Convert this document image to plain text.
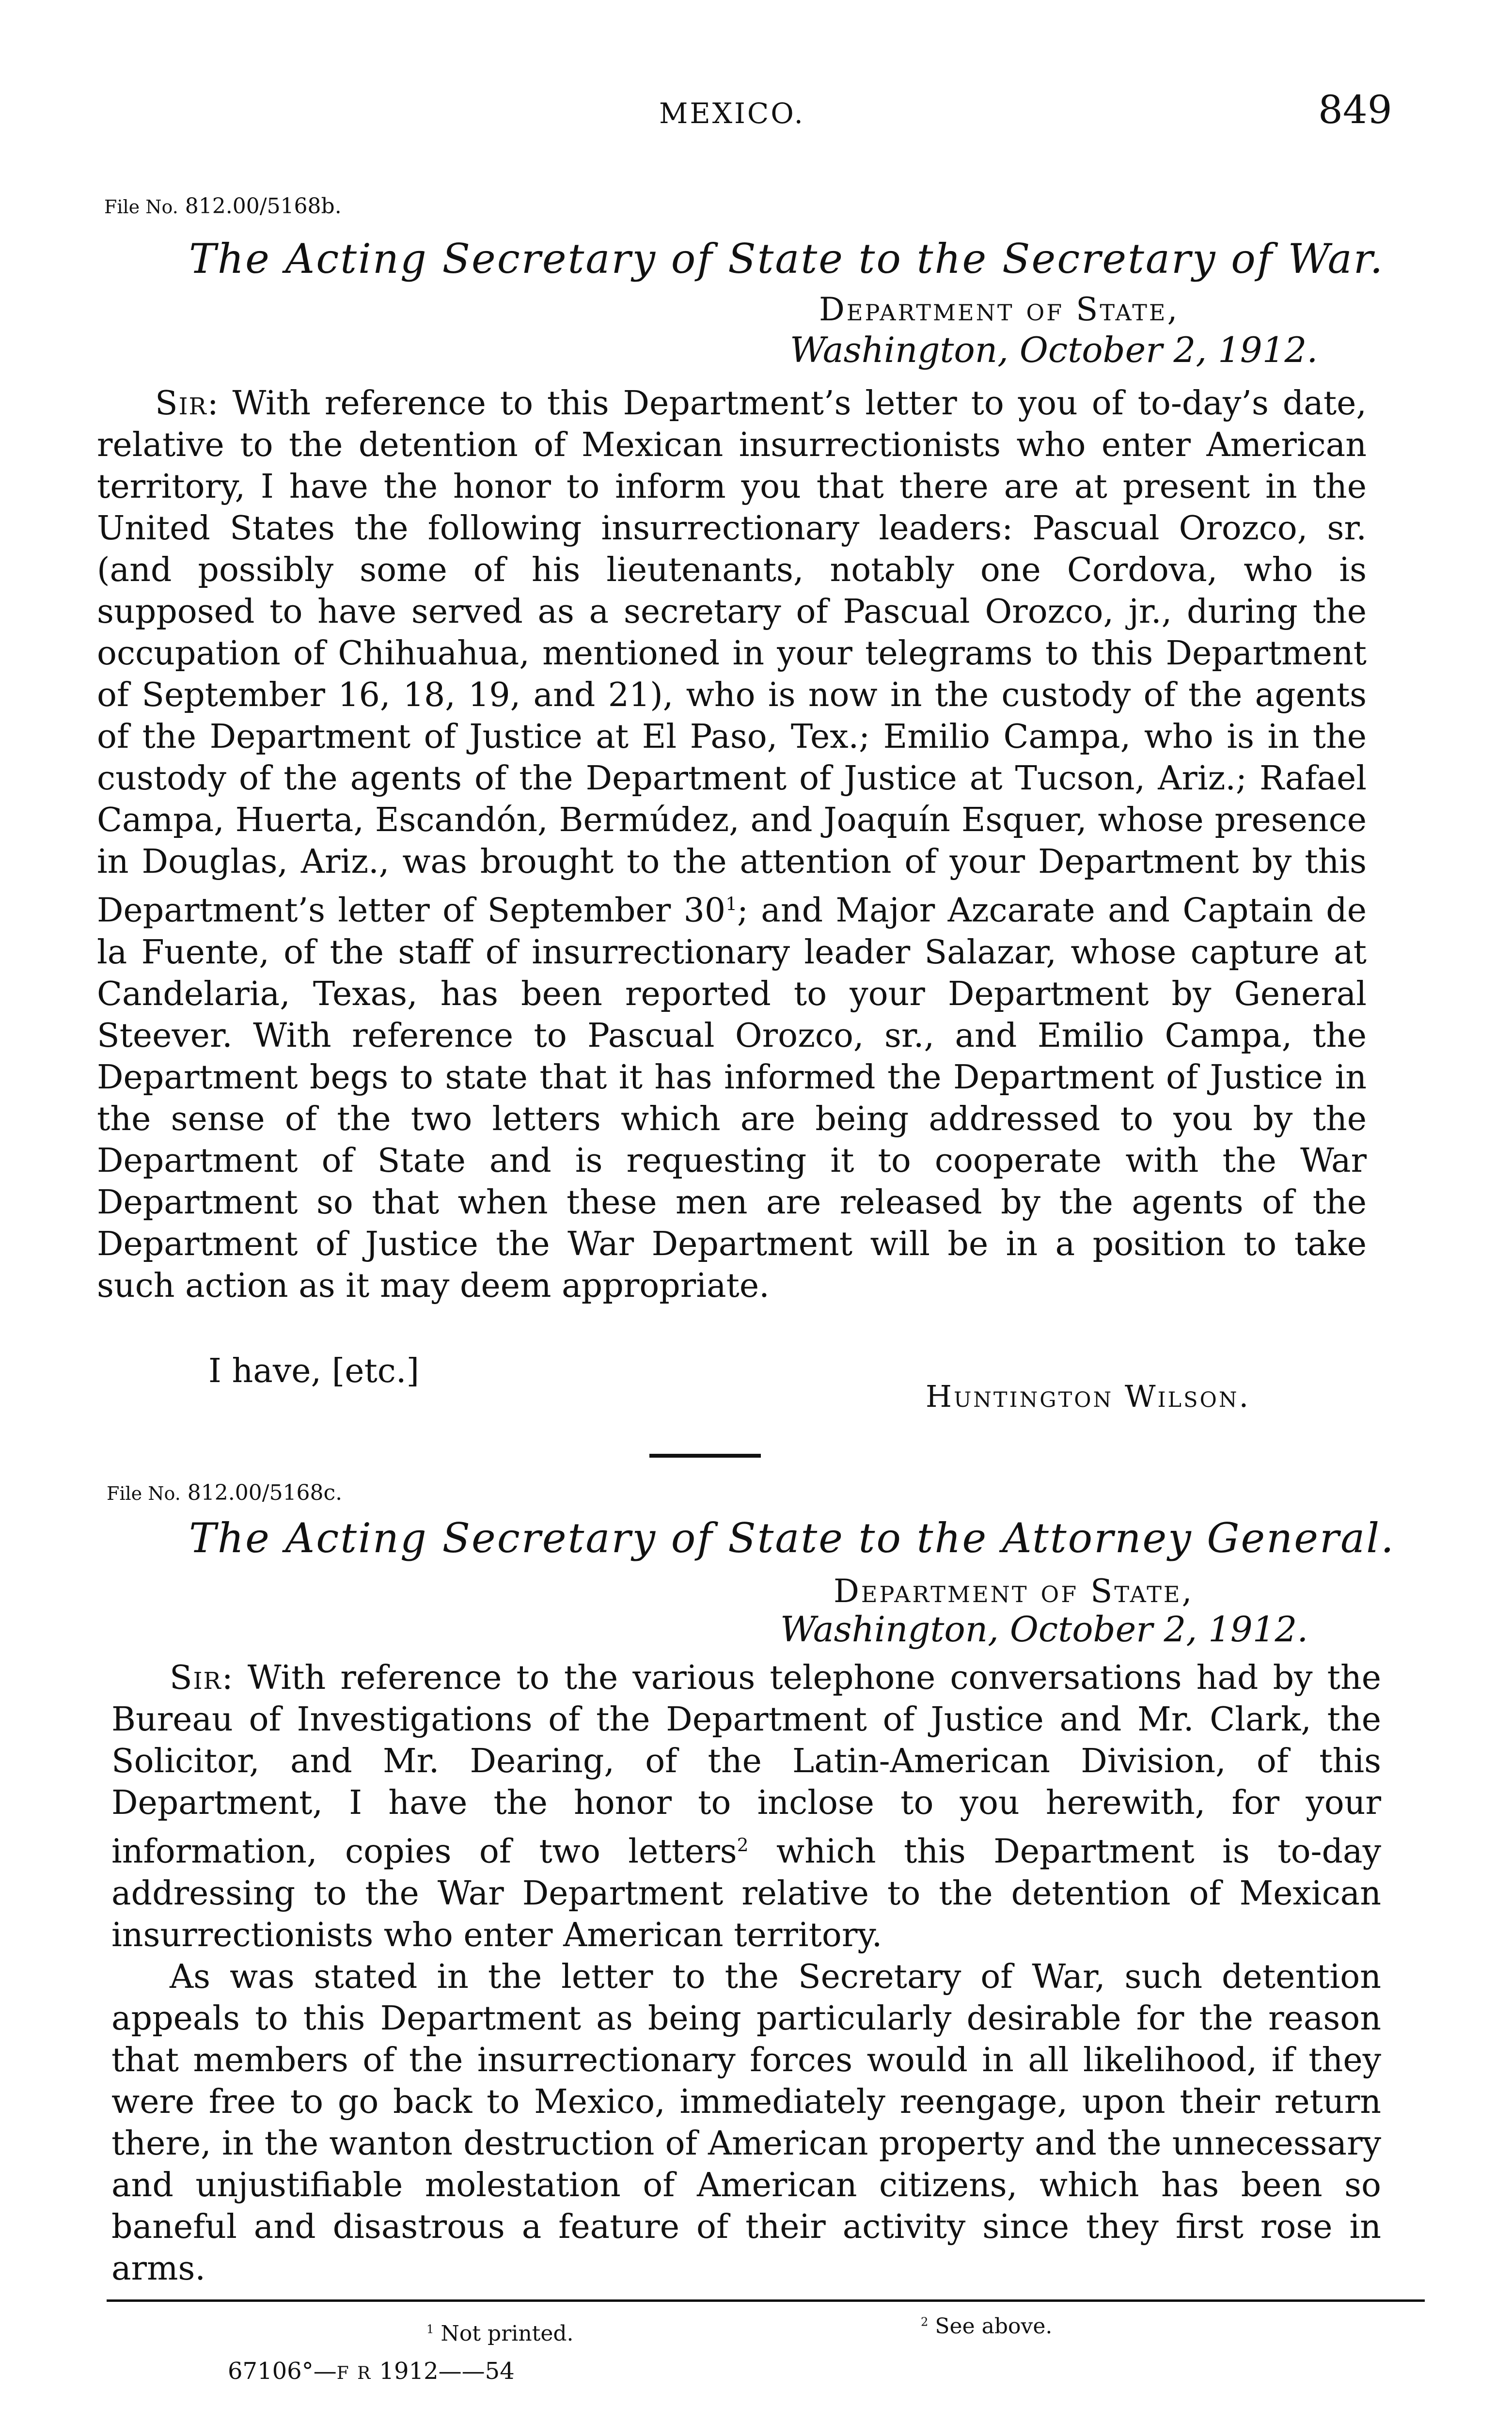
MEXICO.	849
File No. 812.00/5168b.
The Acting Secretary of State to the Secretary of War.
Department of State,
Washington, October 2, 1912.

Sir: With reference to this Department’s letter to you of to-day’s date, relative to the detention of Mexican insurrectionists who enter American territory, I have the honor to inform you that there are at present in the United States the following insurrectionary leaders: Pascual Orozco, sr. (and possibly some of his lieutenants, notably one Cordova, who is supposed to have served as a secretary of Pascual Orozco, jr., during the occupation of Chihuahua, mentioned in your telegrams to this Department of September 16, 18, 19, and 21), who is now in the custody of the agents of the Department of Justice at El Paso, Tex.; Emilio Campa, who is in the custody of the agents of the Department of Justice at Tucson, Ariz.; Rafael Campa, Huerta, Escandón, Bermúdez, and Joaquín Esquer, whose presence in Douglas, Ariz., was brought to the attention of your Department by this Department’s letter of September $30^1$; and Major Azcarate and Captain de la Fuente, of the staff of insurrectionary leader Salazar, whose capture at Candelaria, Texas, has been reported to your Department by General Steever. With reference to Pascual Orozco, sr., and Emilio Campa, the Department begs to state that it has informed the Department of Justice in the sense of the two letters which are being addressed to you by the Department of State and is requesting it to cooperate with the War Department so that when these men are released by the agents of the Department of Justice the War Department will be in a position to take such action as it may deem appropriate.

I have, [etc.]
Huntington Wilson.
File No. 812.00/5168c.
The Acting Secretary of State to the Attorney General.
Department of State,
Washington, October 2, 1912.

Sir: With reference to the various telephone conversations had by the Bureau of Investigations of the Department of Justice and Mr. Clark, the Solicitor, and Mr. Dearing, of the Latin-American Division, of this Department, I have the honor to inclose to you herewith, for your information, copies of two letters$^2$ which this Department is to-day addressing to the War Department relative to the detention of Mexican insurrectionists who enter American territory.

As was stated in the letter to the Secretary of War, such detention appeals to this Department as being particularly desirable for the reason that members of the insurrectionary forces would in all likelihood, if they were free to go back to Mexico, immediately reengage, upon their return there, in the wanton destruction of American property and the unnecessary and unjustifiable molestation of American citizens, which has been so baneful and disastrous a feature of their activity since they first rose in arms.

$^1$ Not printed.	$^2$ See above.
67106°—F R 1912——54
